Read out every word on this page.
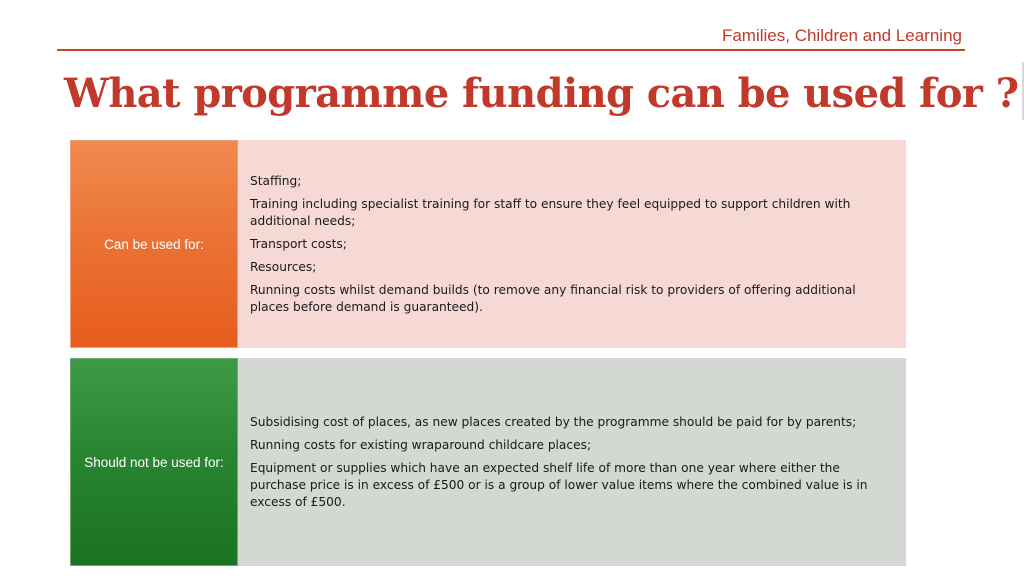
Families, Children and Learning
What programme funding can be used for ?
Can be used for:
Staffing;
Training including specialist training for staff to ensure they feel equipped to support children with additional needs;
Transport costs;
Resources;
Running costs whilst demand builds (to remove any financial risk to providers of offering additional places before demand is guaranteed).
Should not be used for:
Subsidising cost of places, as new places created by the programme should be paid for by parents;
Running costs for existing wraparound childcare places;
Equipment or supplies which have an expected shelf life of more than one year where either the purchase price is in excess of £500 or is a group of lower value items where the combined value is in excess of £500.
